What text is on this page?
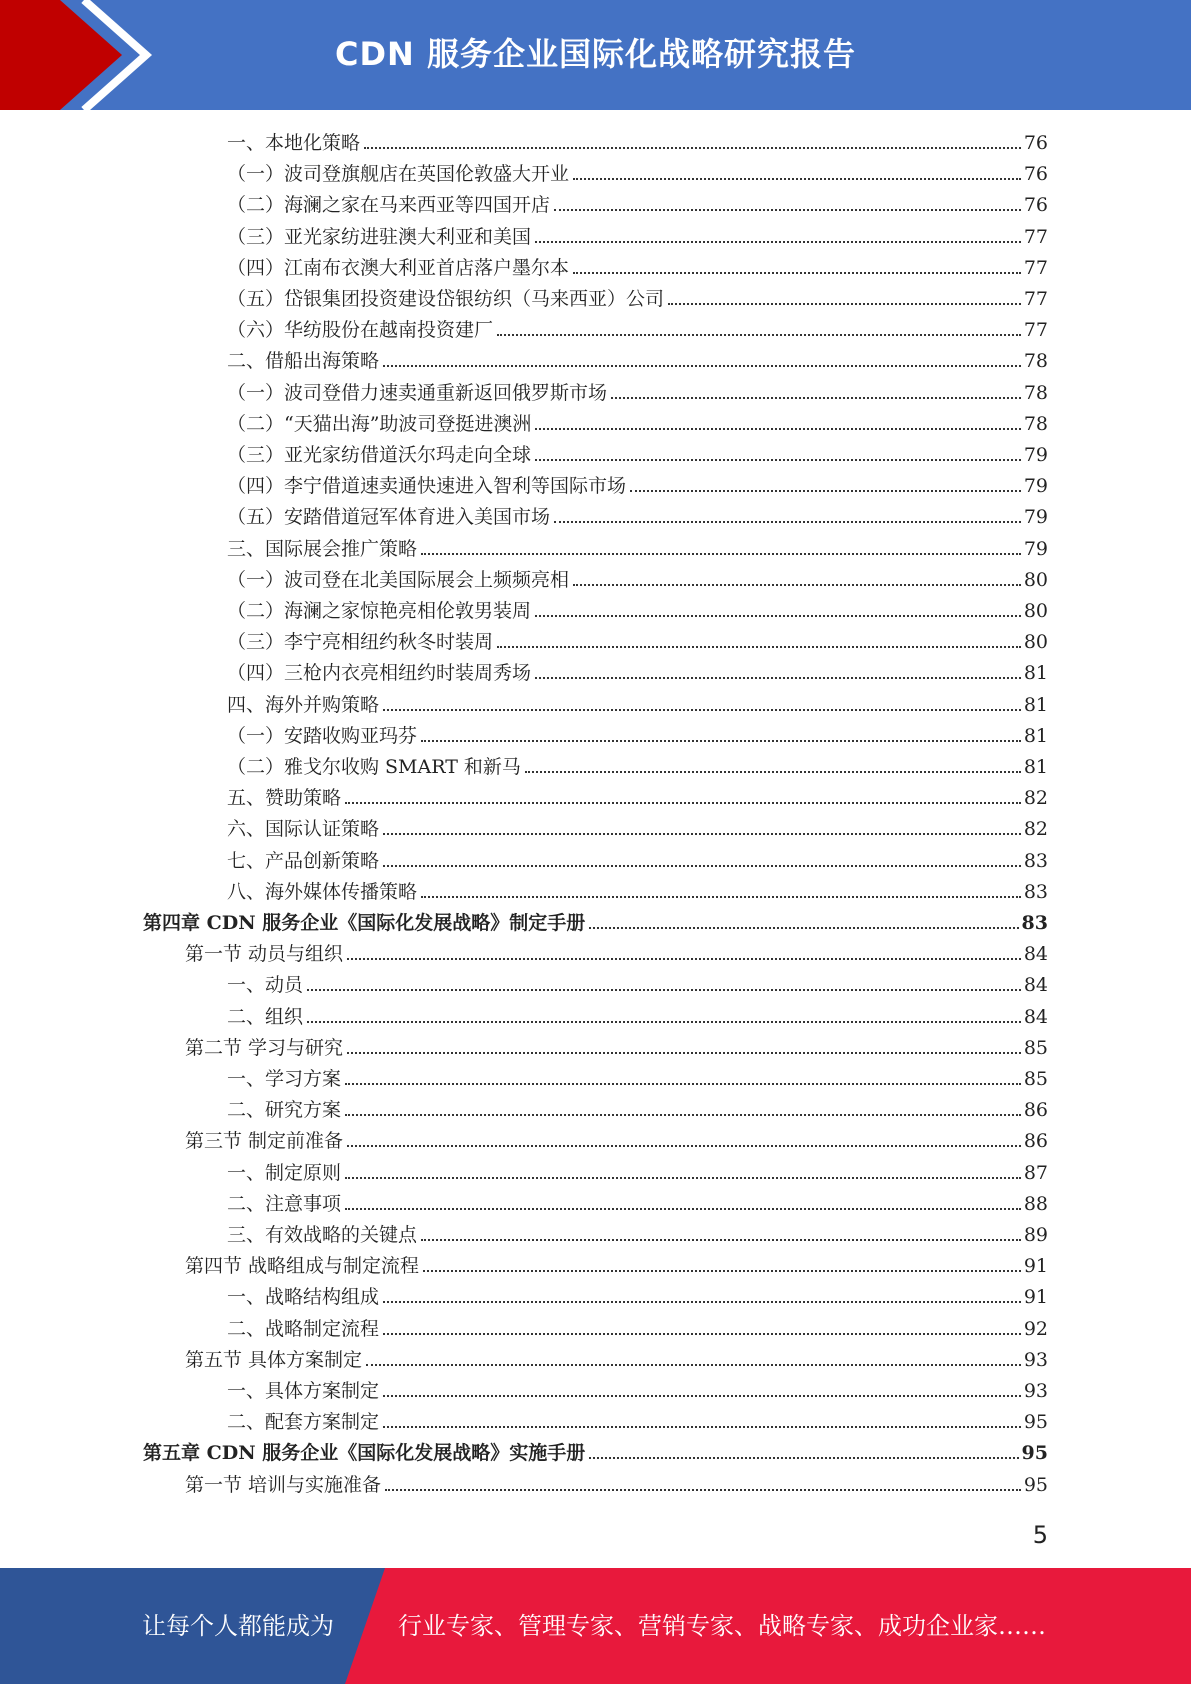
CDN 服务企业国际化战略研究报告
一、本地化策略	76
（一）波司登旗舰店在英国伦敦盛大开业	76
（二）海澜之家在马来西亚等四国开店	76
（三）亚光家纺进驻澳大利亚和美国	77
（四）江南布衣澳大利亚首店落户墨尔本	77
（五）岱银集团投资建设岱银纺织（马来西亚）公司	77
（六）华纺股份在越南投资建厂	77
二、借船出海策略	78
（一）波司登借力速卖通重新返回俄罗斯市场	78
（二）“天猫出海”助波司登挺进澳洲	78
（三）亚光家纺借道沃尔玛走向全球	79
（四）李宁借道速卖通快速进入智利等国际市场	79
（五）安踏借道冠军体育进入美国市场	79
三、国际展会推广策略	79
（一）波司登在北美国际展会上频频亮相	80
（二）海澜之家惊艳亮相伦敦男装周	80
（三）李宁亮相纽约秋冬时装周	80
（四）三枪内衣亮相纽约时装周秀场	81
四、海外并购策略	81
（一）安踏收购亚玛芬	81
（二）雅戈尔收购 SMART 和新马	81
五、赞助策略	82
六、国际认证策略	82
七、产品创新策略	83
八、海外媒体传播策略	83
第四章 CDN 服务企业《国际化发展战略》制定手册	83
第一节 动员与组织	84
一、动员	84
二、组织	84
第二节 学习与研究	85
一、学习方案	85
二、研究方案	86
第三节 制定前准备	86
一、制定原则	87
二、注意事项	88
三、有效战略的关键点	89
第四节 战略组成与制定流程	91
一、战略结构组成	91
二、战略制定流程	92
第五节 具体方案制定	93
一、具体方案制定	93
二、配套方案制定	95
第五章 CDN 服务企业《国际化发展战略》实施手册	95
第一节 培训与实施准备	95
5
让每个人都能成为	行业专家、管理专家、营销专家、战略专家、成功企业家……
